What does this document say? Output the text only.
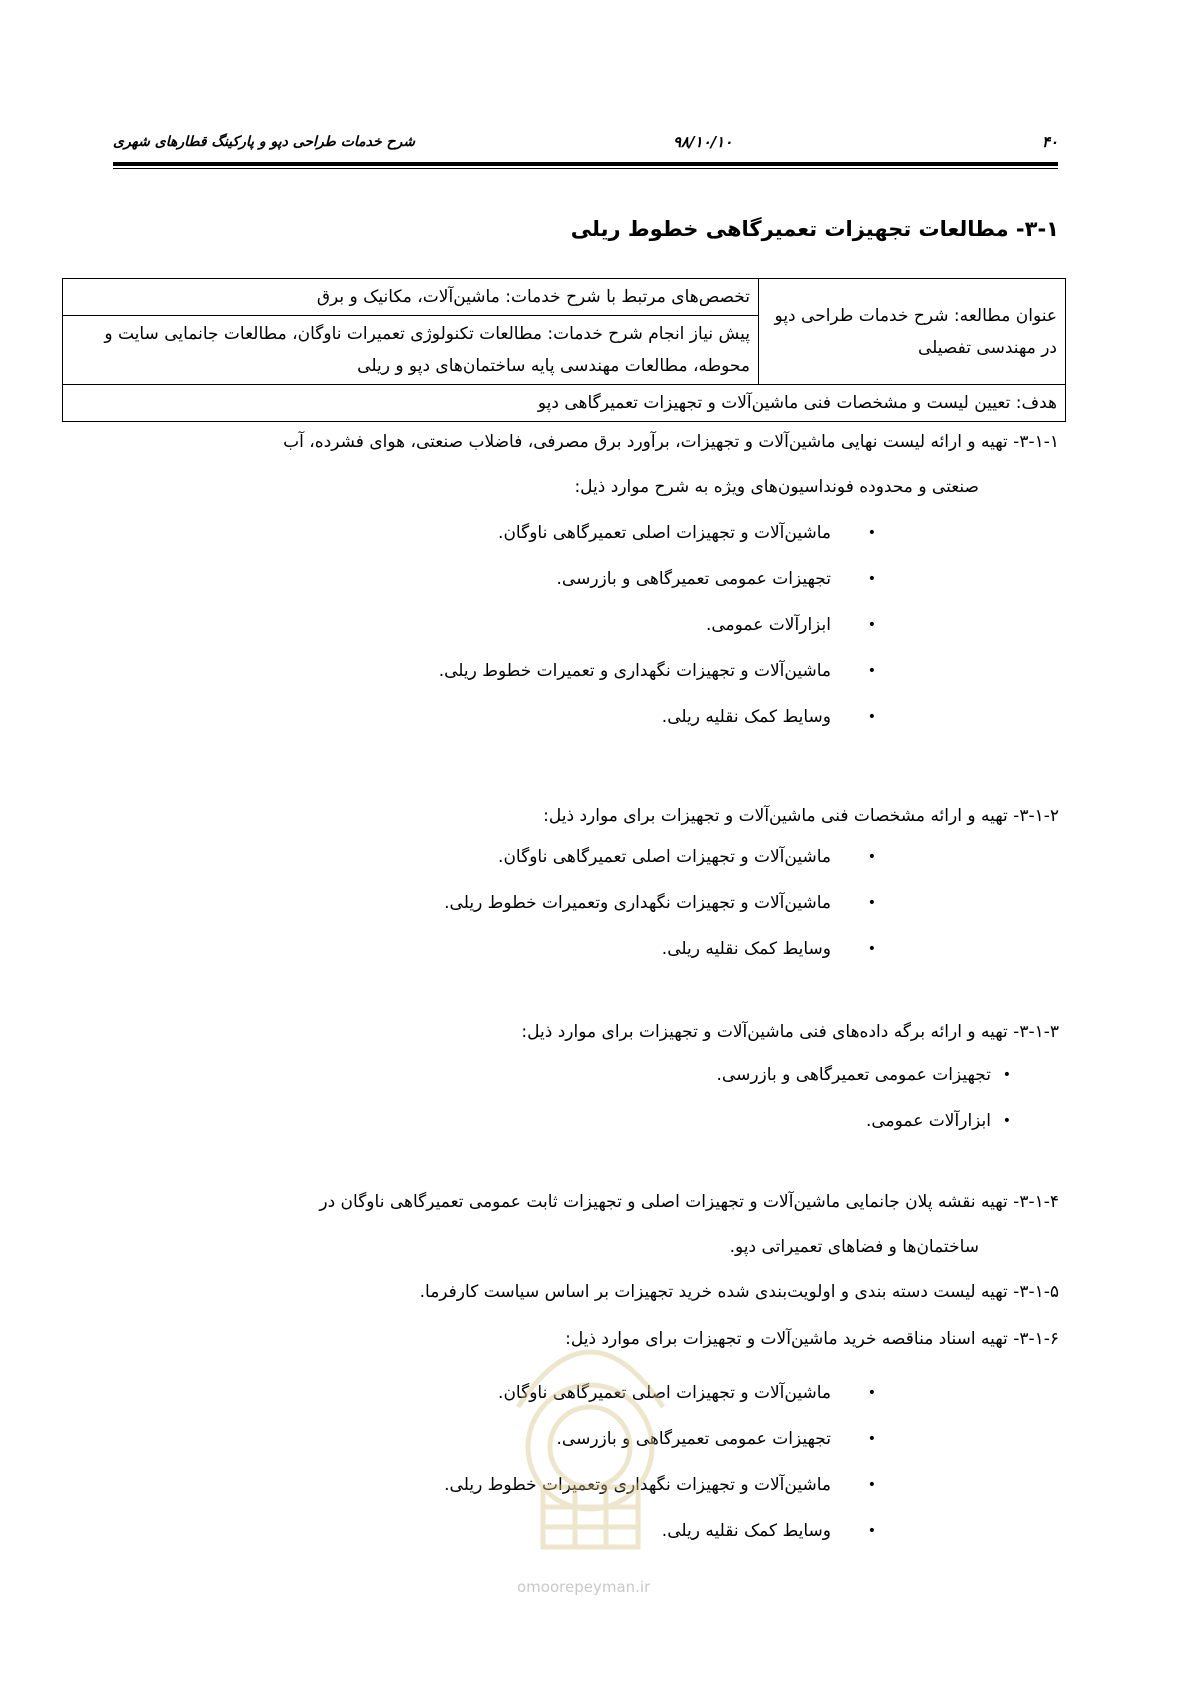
۴۰
۹۸/۱۰/۱۰
شرح خدمات طراحی دپو و پارکینگ قطارهای شهری
۳-۱- مطالعات تجهیزات تعمیرگاهی خطوط ریلی
عنوان مطالعه: شرح خدمات طراحی دپو در مهندسی تفصیلی	تخصص‌های مرتبط با شرح خدمات: ماشین‌آلات، مکانیک و برق
پیش نیاز انجام شرح خدمات: مطالعات تکنولوژی تعمیرات ناوگان، مطالعات جانمایی سایت و محوطه، مطالعات مهندسی پایه ساختمان‌های دپو و ریلی
هدف: تعیین لیست و مشخصات فنی ماشین‌آلات و تجهیزات تعمیرگاهی دپو
۳-۱-۱- تهیه و ارائه لیست نهایی ماشین‌آلات و تجهیزات، برآورد برق مصرفی، فاضلاب صنعتی، هوای فشرده، آب
صنعتی و محدوده فونداسیون‌های ویژه به شرح موارد ذیل:
•
ماشین‌آلات و تجهیزات اصلی تعمیرگاهی ناوگان.
•
تجهیزات عمومی تعمیرگاهی و بازرسی.
•
ابزارآلات عمومی.
•
ماشین‌آلات و تجهیزات نگهداری و تعمیرات خطوط ریلی.
•
وسایط کمک نقلیه ریلی.
۳-۱-۲- تهیه و ارائه مشخصات فنی ماشین‌آلات و تجهیزات برای موارد ذیل:
•
ماشین‌آلات و تجهیزات اصلی تعمیرگاهی ناوگان.
•
ماشین‌آلات و تجهیزات نگهداری وتعمیرات خطوط ریلی.
•
وسایط کمک نقلیه ریلی.
۳-۱-۳- تهیه و ارائه برگه داده‌های فنی ماشین‌آلات و تجهیزات برای موارد ذیل:
•
تجهیزات عمومی تعمیرگاهی و بازرسی.
•
ابزارآلات عمومی.
۳-۱-۴- تهیه نقشه پلان جانمایی ماشین‌آلات و تجهیزات اصلی و تجهیزات ثابت عمومی تعمیرگاهی ناوگان در
ساختمان‌ها و فضاهای تعمیراتی دپو.
۳-۱-۵- تهیه لیست دسته بندی و اولویت‌بندی شده خرید تجهیزات بر اساس سیاست کارفرما.
۳-۱-۶- تهیه اسناد مناقصه خرید ماشین‌آلات و تجهیزات برای موارد ذیل:
•
ماشین‌آلات و تجهیزات اصلی تعمیرگاهی ناوگان.
•
تجهیزات عمومی تعمیرگاهی و بازرسی.
•
ماشین‌آلات و تجهیزات نگهداری وتعمیرات خطوط ریلی.
•
وسایط کمک نقلیه ریلی.
omoorepeyman.ir
